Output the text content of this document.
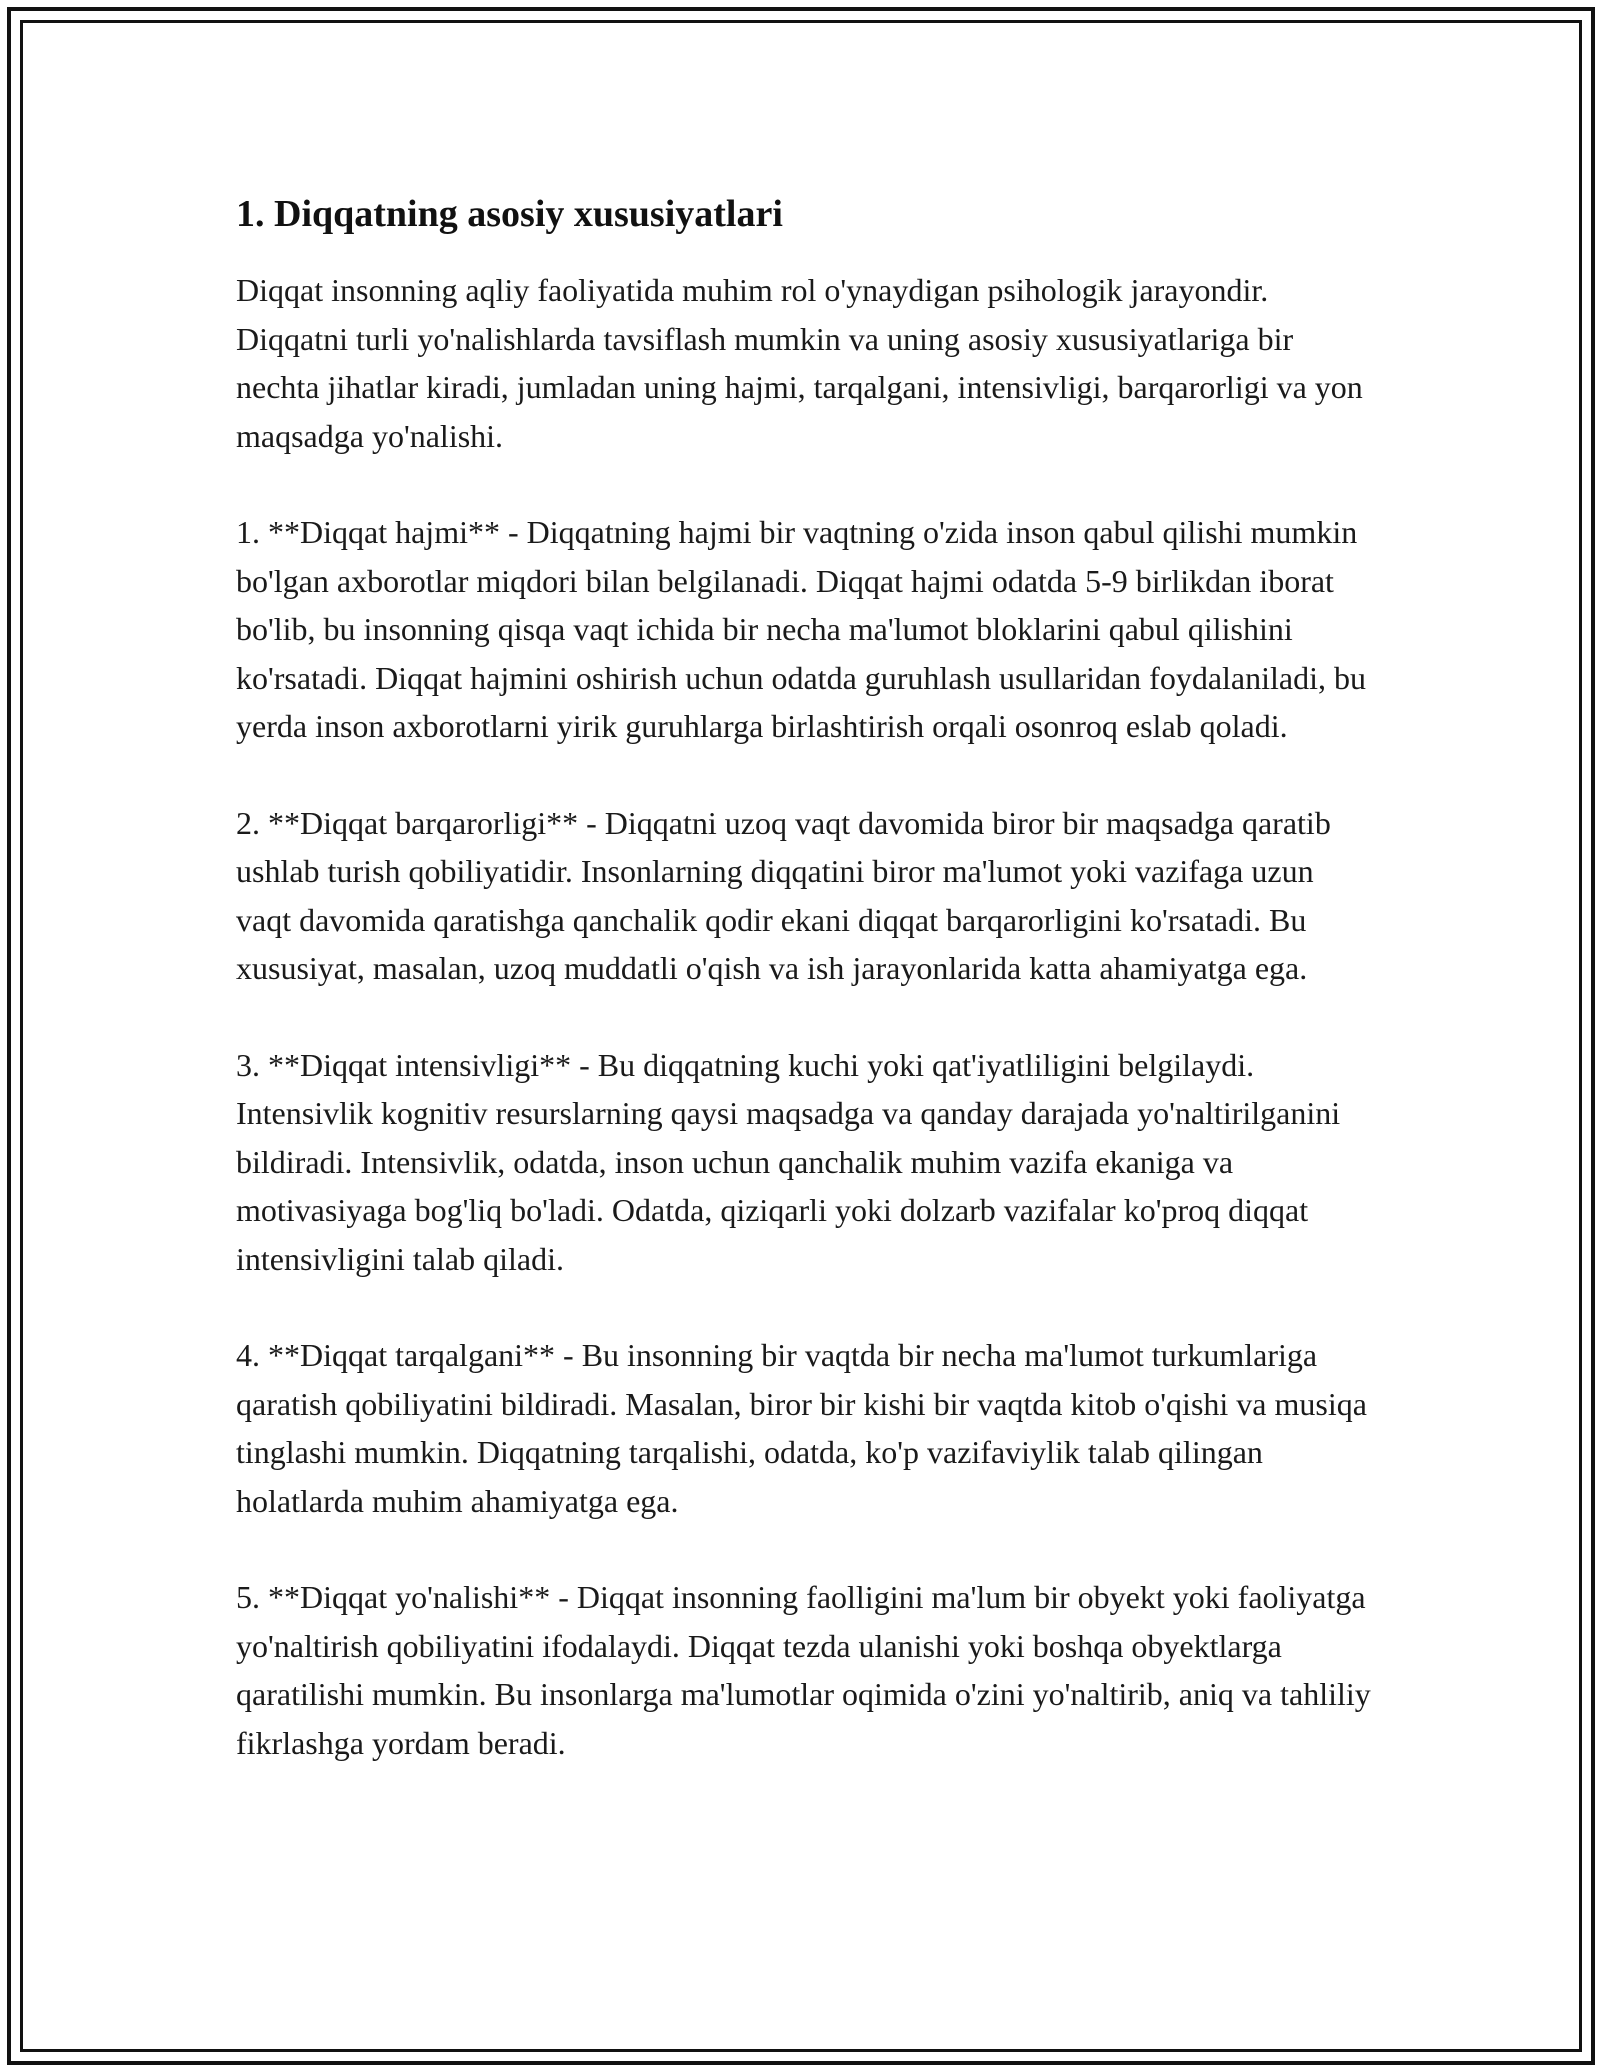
1. Diqqatning asosiy xususiyatlari

Diqqat insonning aqliy faoliyatida muhim rol o'ynaydigan psihologik jarayondir. Diqqatni turli yo'nalishlarda tavsiflash mumkin va uning asosiy xususiyatlariga bir nechta jihatlar kiradi, jumladan uning hajmi, tarqalgani, intensivligi, barqarorligi va yon maqsadga yo'nalishi.

1. **Diqqat hajmi** - Diqqatning hajmi bir vaqtning o'zida inson qabul qilishi mumkin bo'lgan axborotlar miqdori bilan belgilanadi. Diqqat hajmi odatda 5-9 birlikdan iborat bo'lib, bu insonning qisqa vaqt ichida bir necha ma'lumot bloklarini qabul qilishini ko'rsatadi. Diqqat hajmini oshirish uchun odatda guruhlash usullaridan foydalaniladi, bu yerda inson axborotlarni yirik guruhlarga birlashtirish orqali osonroq eslab qoladi.

2. **Diqqat barqarorligi** - Diqqatni uzoq vaqt davomida biror bir maqsadga qaratib ushlab turish qobiliyatidir. Insonlarning diqqatini biror ma'lumot yoki vazifaga uzun vaqt davomida qaratishga qanchalik qodir ekani diqqat barqarorligini ko'rsatadi. Bu xususiyat, masalan, uzoq muddatli o'qish va ish jarayonlarida katta ahamiyatga ega.

3. **Diqqat intensivligi** - Bu diqqatning kuchi yoki qat'iyatliligini belgilaydi. Intensivlik kognitiv resurslarning qaysi maqsadga va qanday darajada yo'naltirilganini bildiradi. Intensivlik, odatda, inson uchun qanchalik muhim vazifa ekaniga va motivasiyaga bog'liq bo'ladi. Odatda, qiziqarli yoki dolzarb vazifalar ko'proq diqqat intensivligini talab qiladi.

4. **Diqqat tarqalgani** - Bu insonning bir vaqtda bir necha ma'lumot turkumlariga qaratish qobiliyatini bildiradi. Masalan, biror bir kishi bir vaqtda kitob o'qishi va musiqa tinglashi mumkin. Diqqatning tarqalishi, odatda, ko'p vazifaviylik talab qilingan holatlarda muhim ahamiyatga ega.

5. **Diqqat yo'nalishi** - Diqqat insonning faolligini ma'lum bir obyekt yoki faoliyatga yo'naltirish qobiliyatini ifodalaydi. Diqqat tezda ulanishi yoki boshqa obyektlarga qaratilishi mumkin. Bu insonlarga ma'lumotlar oqimida o'zini yo'naltirib, aniq va tahliliy fikrlashga yordam beradi.
